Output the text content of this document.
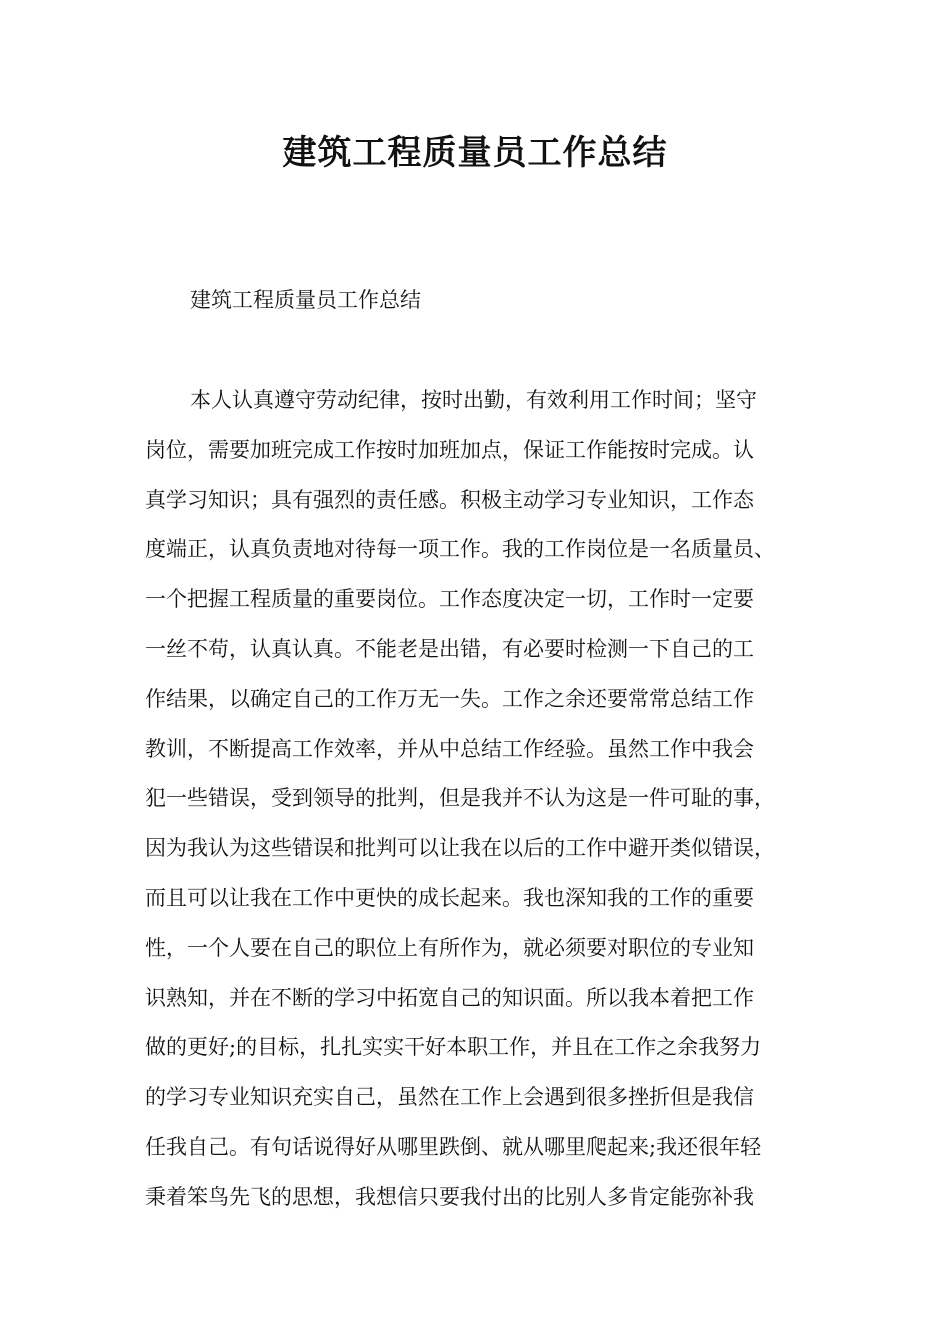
建筑工程质量员工作总结

建筑工程质量员工作总结

本人认真遵守劳动纪律，按时出勤，有效利用工作时间；坚守
岗位，需要加班完成工作按时加班加点，保证工作能按时完成。认
真学习知识；具有强烈的责任感。积极主动学习专业知识，工作态
度端正，认真负责地对待每一项工作。我的工作岗位是一名质量员、
一个把握工程质量的重要岗位。工作态度决定一切，工作时一定要
一丝不苟，认真认真。不能老是出错，有必要时检测一下自己的工
作结果，以确定自己的工作万无一失。工作之余还要常常总结工作
教训，不断提高工作效率，并从中总结工作经验。虽然工作中我会
犯一些错误，受到领导的批判，但是我并不认为这是一件可耻的事，
因为我认为这些错误和批判可以让我在以后的工作中避开类似错误，
而且可以让我在工作中更快的成长起来。我也深知我的工作的重要
性，一个人要在自己的职位上有所作为，就必须要对职位的专业知
识熟知，并在不断的学习中拓宽自己的知识面。所以我本着把工作
做的更好;的目标，扎扎实实干好本职工作，并且在工作之余我努力
的学习专业知识充实自己，虽然在工作上会遇到很多挫折但是我信
任我自己。有句话说得好从哪里跌倒、就从哪里爬起来;我还很年轻
秉着笨鸟先飞的思想，我想信只要我付出的比别人多肯定能弥补我
